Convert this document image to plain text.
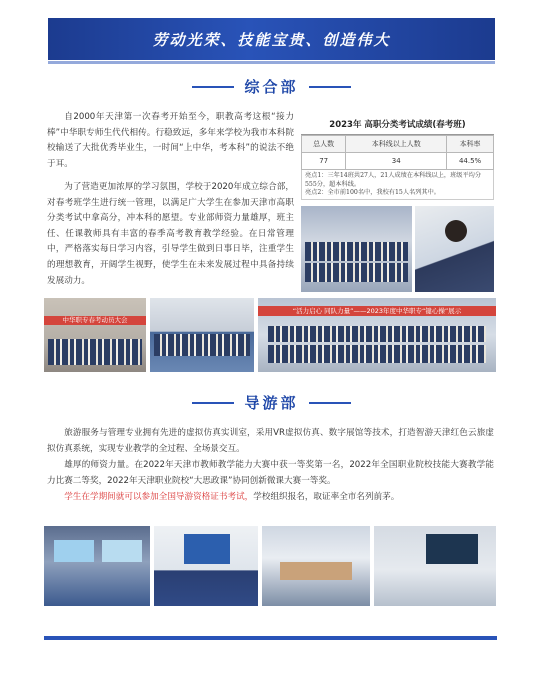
劳动光荣、技能宝贵、创造伟大
综合部

自2000年天津第一次春考开始至今，职教高考这根“接力棒”中华职专师生代代相传。行稳致远，多年来学校为我市本科院校输送了大批优秀毕业生，一时间“上中华，考本科”的说法不绝于耳。

为了营造更加浓厚的学习氛围，学校于2020年成立综合部，对春考班学生进行统一管理，以满足广大学生在参加天津市高职分类考试中拿高分，冲本科的愿望。专业部师资力量雄厚，班主任、任课教师具有丰富的春季高考教育教学经验。在日常管理中，严格落实每日学习内容，引导学生做到日事日毕，注重学生的理想教育，开阔学生视野，使学生在未来发展过程中具备持续发展动力。

2023年 高职分类考试成绩(春考班)
总人数	本科线以上人数	本科率
77	34	44.5%
亮点1：三年14班共27人，21人成绩在本科线以上，班级平均分555分，超本科线。
亮点2：全市前100名中，我校有15人名列其中。
中华职专春考动员大会
“活力启心 同队力量”——2023年度中华职专“键心操”展示
导游部

旅游服务与管理专业拥有先进的虚拟仿真实训室，采用VR虚拟仿真、数字展馆等技术，打造智游天津红色云旅虚拟仿真系统，实现专业教学的全过程、全场景交互。

雄厚的师资力量。在2022年天津市教师教学能力大赛中获一等奖第一名，2022年全国职业院校技能大赛教学能力比赛二等奖，2022年天津职业院校“大思政课”协同创新微课大赛一等奖。

学生在学期间就可以参加全国导游资格证书考试，学校组织报名，取证率全市名列前茅。
